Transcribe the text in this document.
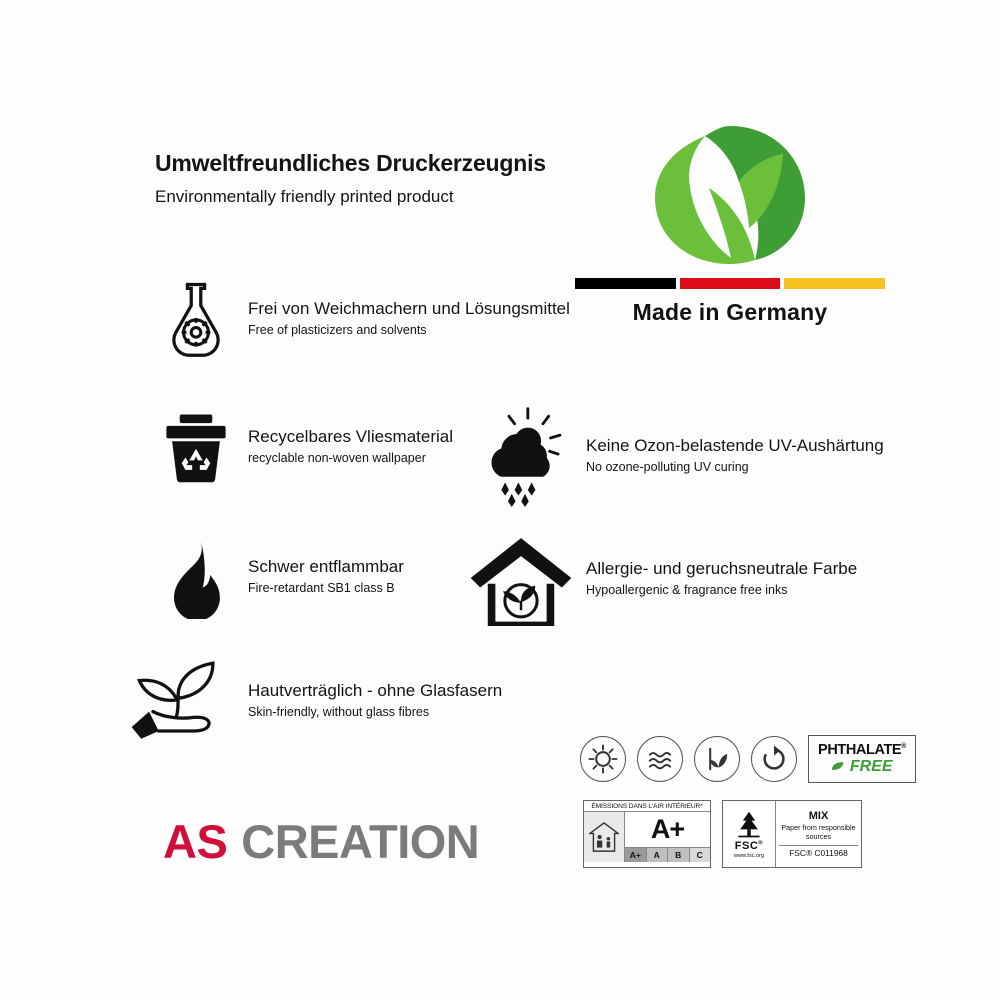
Umweltfreundliches Druckerzeugnis
Environmentally friendly printed product
Made in Germany
Frei von Weichmachern und Lösungsmittel
Free of plasticizers and solvents
Recycelbares Vliesmaterial
recyclable non-woven wallpaper
Schwer entflammbar
Fire-retardant SB1 class B
Hautverträglich - ohne Glasfasern
Skin-friendly, without glass fibres
Keine Ozon-belastende UV-Aushärtung
No ozone-polluting UV curing
Allergie- und geruchsneutrale Farbe
Hypoallergenic & fragrance free inks
AS CREATION
PHTHALATE®
FREE
ÉMISSIONS DANS L'AIR INTÉRIEUR*
A+
A+	A	B	C
FSC®
www.fsc.org
MIX
Paper from responsible sources
FSC® C011968
